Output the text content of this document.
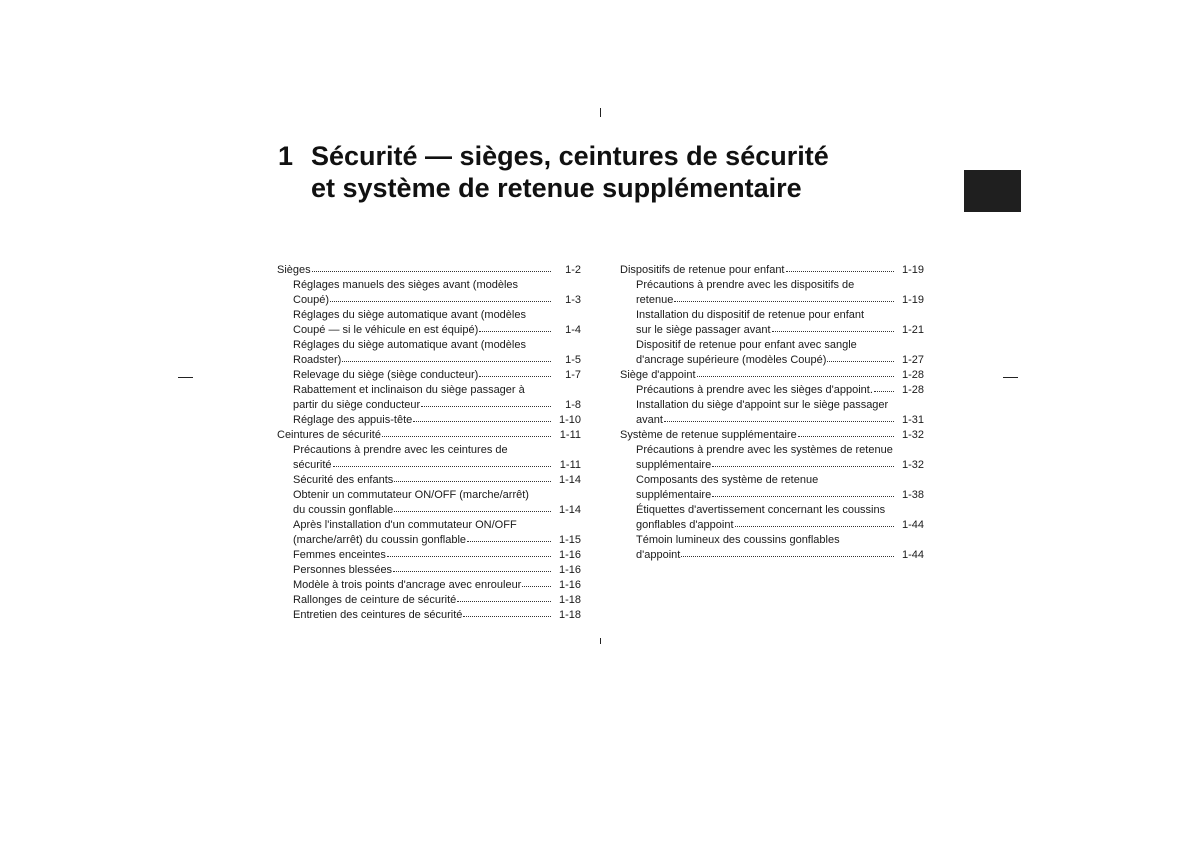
1 Sécurité — sièges, ceintures de sécurité
et système de retenue supplémentaire
Sièges	1-2
Réglages manuels des sièges avant (modèles
Coupé)	1-3
Réglages du siège automatique avant (modèles
Coupé — si le véhicule en est équipé)	1-4
Réglages du siège automatique avant (modèles
Roadster)	1-5
Relevage du siège (siège conducteur)	1-7
Rabattement et inclinaison du siège passager à
partir du siège conducteur	1-8
Réglage des appuis-tête	1-10
Ceintures de sécurité	1-11
Précautions à prendre avec les ceintures de
sécurité	1-11
Sécurité des enfants	1-14
Obtenir un commutateur ON/OFF (marche/arrêt)
du coussin gonflable	1-14
Après l'installation d'un commutateur ON/OFF
(marche/arrêt) du coussin gonflable	1-15
Femmes enceintes	1-16
Personnes blessées	1-16
Modèle à trois points d'ancrage avec enrouleur	1-16
Rallonges de ceinture de sécurité	1-18
Entretien des ceintures de sécurité	1-18
Dispositifs de retenue pour enfant	1-19
Précautions à prendre avec les dispositifs de
retenue	1-19
Installation du dispositif de retenue pour enfant
sur le siège passager avant	1-21
Dispositif de retenue pour enfant avec sangle
d'ancrage supérieure (modèles Coupé)	1-27
Siège d'appoint	1-28
Précautions à prendre avec les sièges d'appoint.	1-28
Installation du siège d'appoint sur le siège passager
avant	1-31
Système de retenue supplémentaire	1-32
Précautions à prendre avec les systèmes de retenue
supplémentaire	1-32
Composants des système de retenue
supplémentaire	1-38
Étiquettes d'avertissement concernant les coussins
gonflables d'appoint	1-44
Témoin lumineux des coussins gonflables
d'appoint	1-44
